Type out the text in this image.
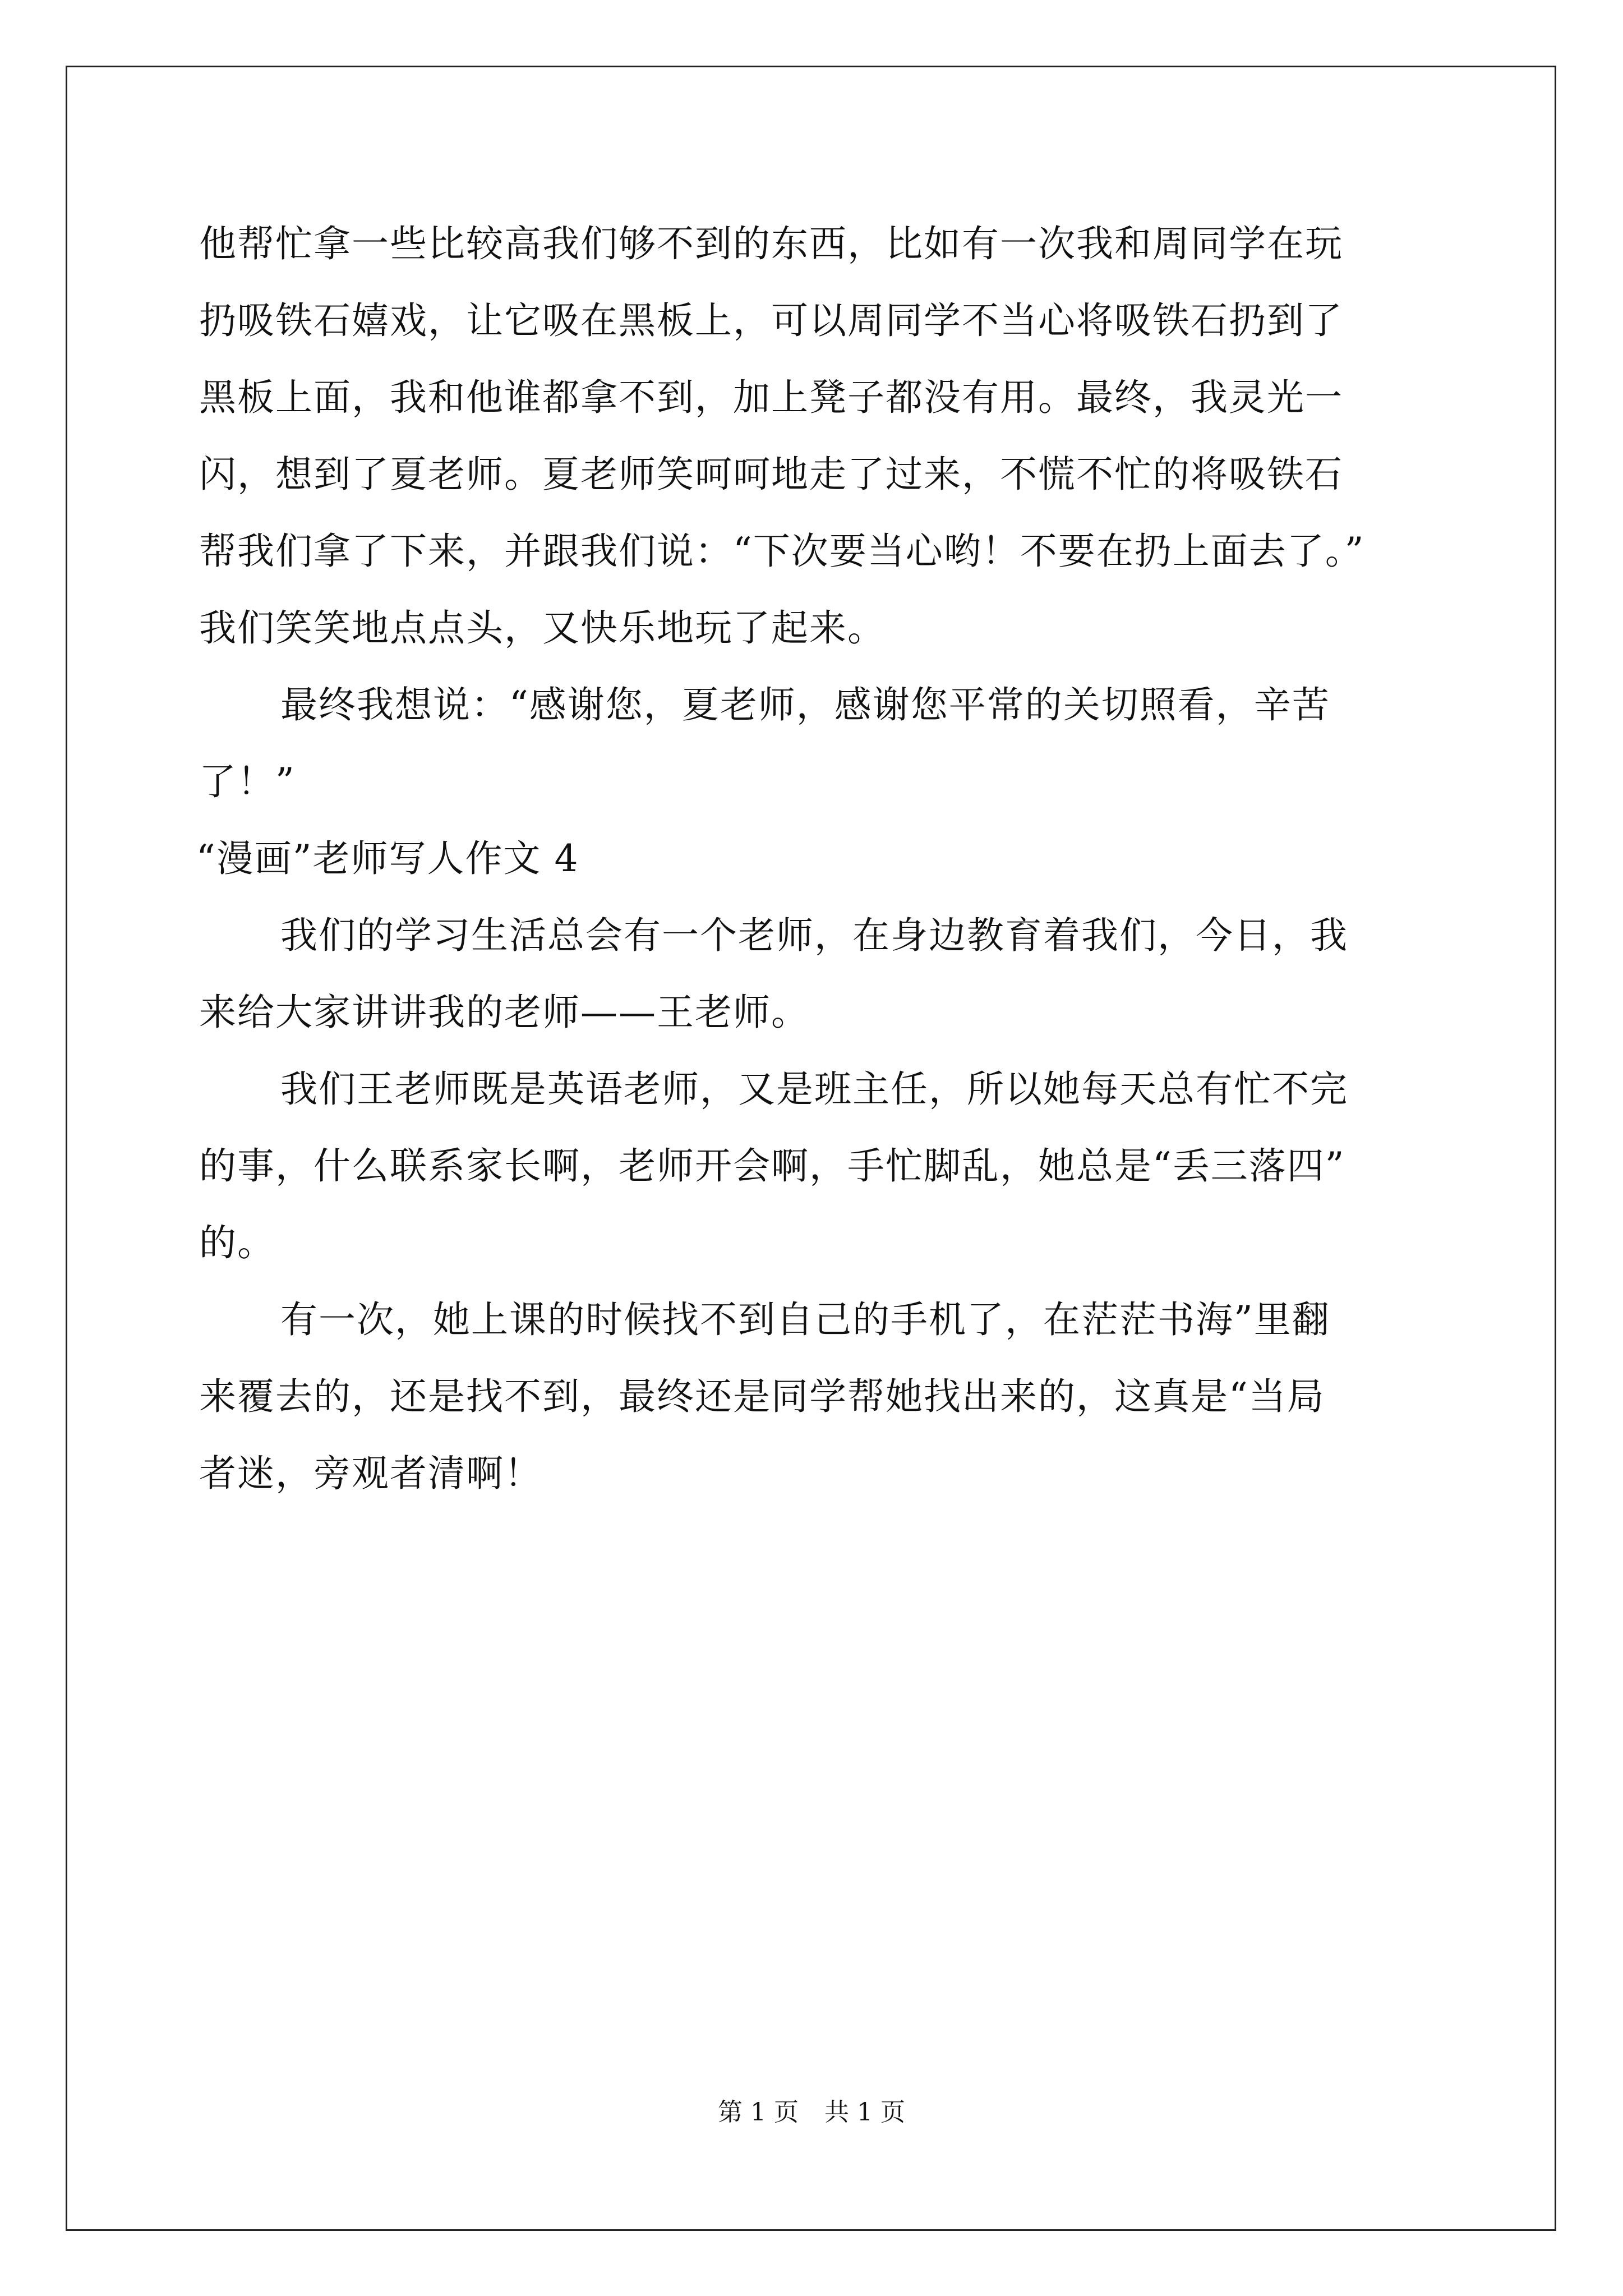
他帮忙拿一些比较高我们够不到的东西，比如有一次我和周同学在玩
扔吸铁石嬉戏，让它吸在黑板上，可以周同学不当心将吸铁石扔到了
黑板上面，我和他谁都拿不到，加上凳子都没有用。最终，我灵光一
闪，想到了夏老师。夏老师笑呵呵地走了过来，不慌不忙的将吸铁石
帮我们拿了下来，并跟我们说：“下次要当心哟！不要在扔上面去了。”
我们笑笑地点点头，又快乐地玩了起来。
最终我想说：“感谢您，夏老师，感谢您平常的关切照看，辛苦
了！”
“漫画”老师写人作文 4
我们的学习生活总会有一个老师，在身边教育着我们，今日，我
来给大家讲讲我的老师——王老师。
我们王老师既是英语老师，又是班主任，所以她每天总有忙不完
的事，什么联系家长啊，老师开会啊，手忙脚乱，她总是“丢三落四”
的。
有一次，她上课的时候找不到自己的手机了，在茫茫书海”里翻
来覆去的，还是找不到，最终还是同学帮她找出来的，这真是“当局
者迷，旁观者清啊！
第 1 页 共 1 页
